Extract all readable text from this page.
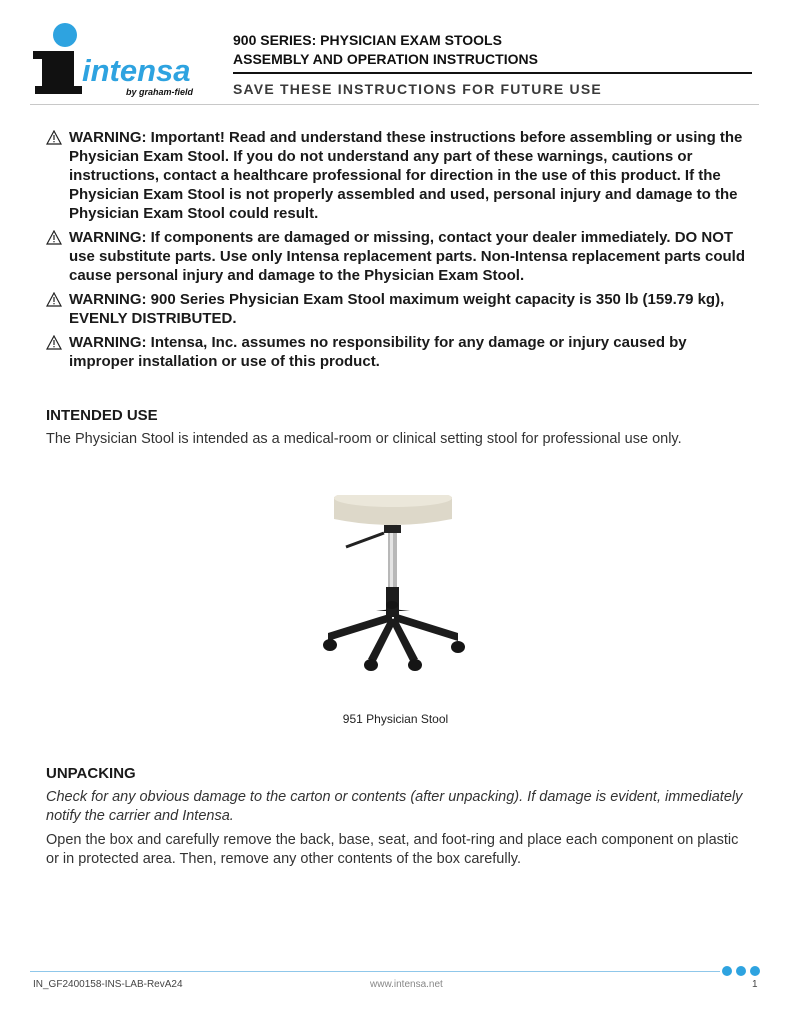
intensa
by graham-field
900 SERIES: PHYSICIAN EXAM STOOLS
ASSEMBLY AND OPERATION INSTRUCTIONS
SAVE THESE INSTRUCTIONS FOR FUTURE USE
WARNING: Important! Read and understand these instructions before assembling or using the Physician Exam Stool. If you do not understand any part of these warnings, cautions or instructions, contact a healthcare professional for direction in the use of this product. If the Physician Exam Stool is not properly assembled and used, personal injury and damage to the Physician Exam Stool could result.
WARNING: If components are damaged or missing, contact your dealer immediately. DO NOT use substitute parts. Use only Intensa replacement parts. Non-Intensa replacement parts could cause personal injury and damage to the Physician Exam Stool.
WARNING: 900 Series Physician Exam Stool maximum weight capacity is 350 lb (159.79 kg), EVENLY DISTRIBUTED.
WARNING: Intensa, Inc. assumes no responsibility for any damage or injury caused by improper installation or use of this product.
INTENDED USE
The Physician Stool is intended as a medical-room or clinical setting stool for professional use only.
951 Physician Stool
UNPACKING
Check for any obvious damage to the carton or contents (after unpacking). If damage is evident, immediately notify the carrier and Intensa.
Open the box and carefully remove the back, base, seat, and foot-ring and place each component on plastic or in protected area. Then, remove any other contents of the box carefully.
IN_GF2400158-INS-LAB-RevA24	www.intensa.net	1
